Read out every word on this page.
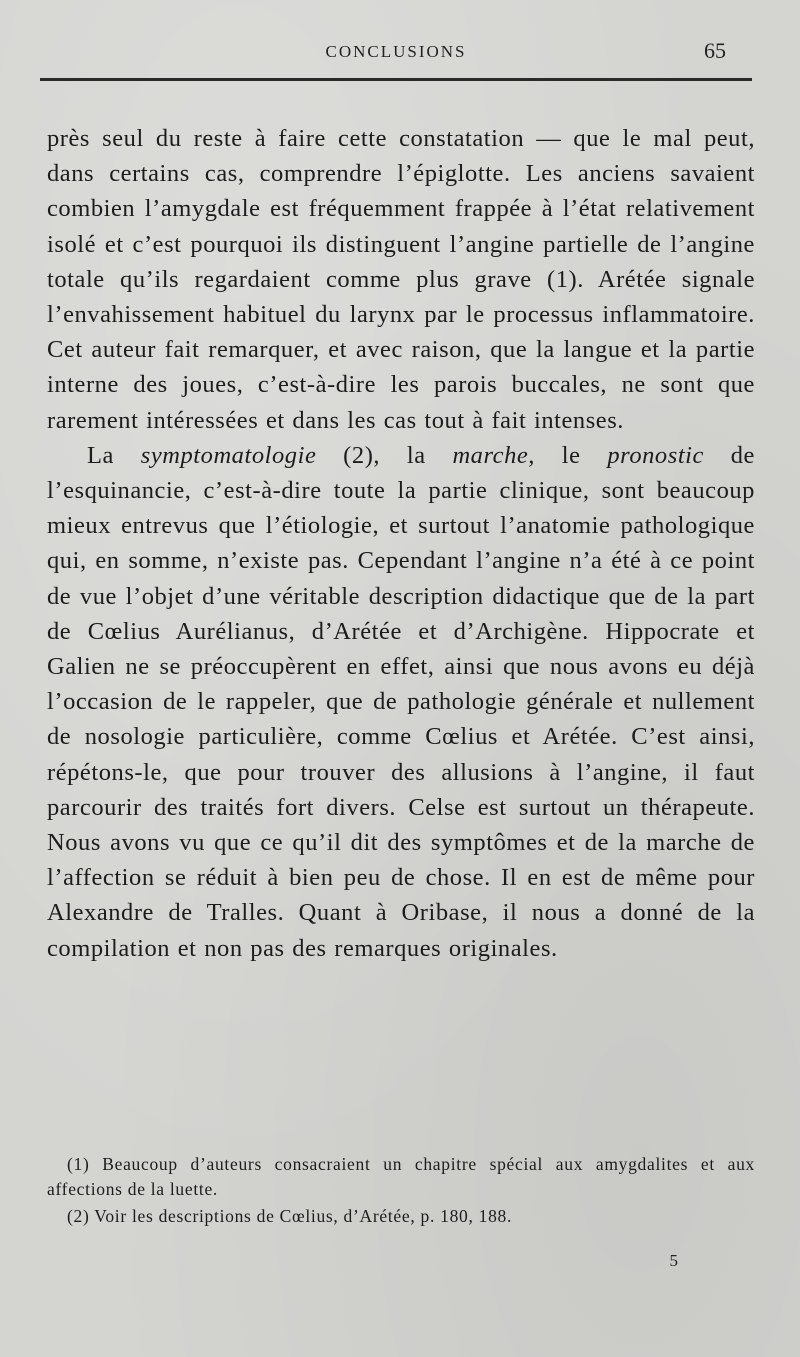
CONCLUSIONS	65

près seul du reste à faire cette constatation — que le mal peut, dans certains cas, comprendre l’épiglotte. Les anciens savaient combien l’amygdale est fréquemment frappée à l’état relativement isolé et c’est pourquoi ils distinguent l’angine partielle de l’angine totale qu’ils regardaient comme plus grave (1). Arétée signale l’envahissement habituel du larynx par le processus inflammatoire. Cet auteur fait remarquer, et avec raison, que la langue et la partie interne des joues, c’est-à-dire les parois buccales, ne sont que rarement intéressées et dans les cas tout à fait intenses.

La symptomatologie (2), la marche, le pronostic de l’esquinancie, c’est-à-dire toute la partie clinique, sont beaucoup mieux entrevus que l’étiologie, et surtout l’anatomie pathologique qui, en somme, n’existe pas. Cependant l’angine n’a été à ce point de vue l’objet d’une véritable description didactique que de la part de Cœlius Aurélianus, d’Arétée et d’Archigène. Hippocrate et Galien ne se préoccupèrent en effet, ainsi que nous avons eu déjà l’occasion de le rappeler, que de pathologie générale et nullement de nosologie particulière, comme Cœlius et Arétée. C’est ainsi, répétons-le, que pour trouver des allusions à l’angine, il faut parcourir des traités fort divers. Celse est surtout un thérapeute. Nous avons vu que ce qu’il dit des symptômes et de la marche de l’affection se réduit à bien peu de chose. Il en est de même pour Alexandre de Tralles. Quant à Oribase, il nous a donné de la compilation et non pas des remarques originales.

(1) Beaucoup d’auteurs consacraient un chapitre spécial aux amygdalites et aux affections de la luette.

(2) Voir les descriptions de Cœlius, d’Arétée, p. 180, 188.

5
